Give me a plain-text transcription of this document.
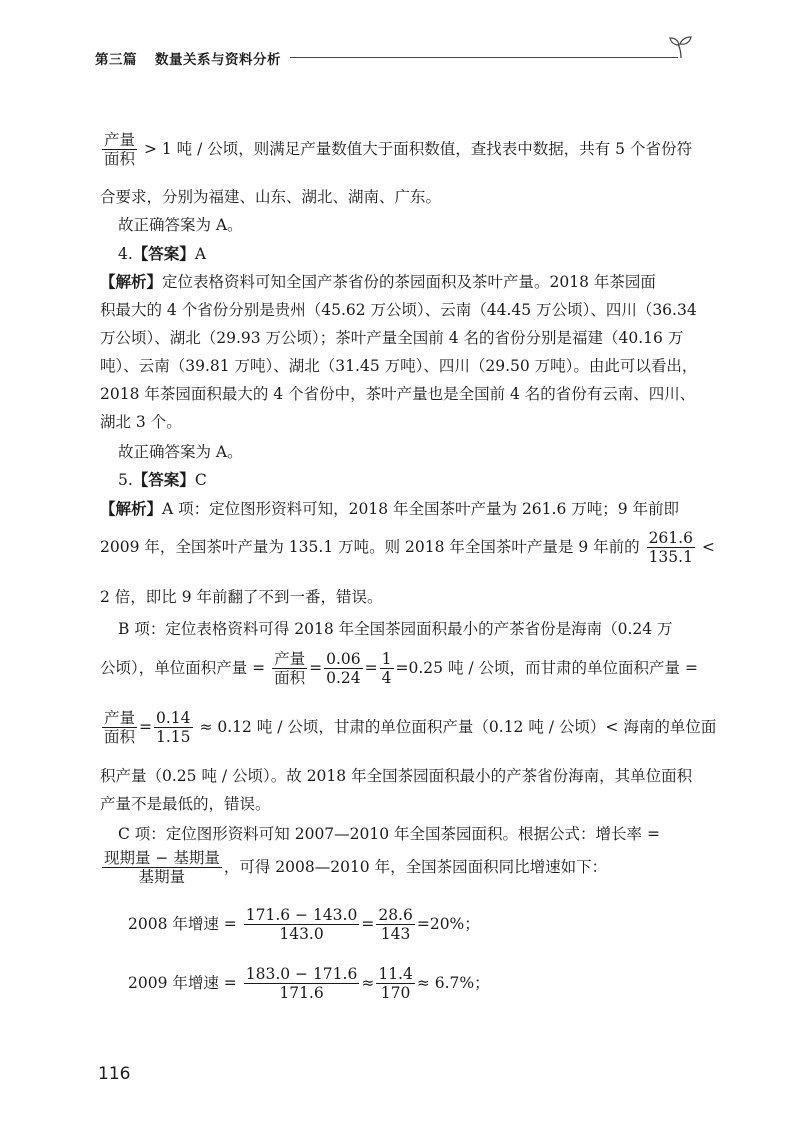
第三篇 数量关系与资料分析
$\frac{\text{产量}}{\text{面积}} > 1$ 吨 / 公顷，则满足产量数值大于面积数值，查找表中数据，共有 5 个省份符
合要求，分别为福建、山东、湖北、湖南、广东。
故正确答案为 A。
4.【答案】A
【解析】定位表格资料可知全国产茶省份的茶园面积及茶叶产量。2018 年茶园面
积最大的 4 个省份分别是贵州（45.62 万公顷）、云南（44.45 万公顷）、四川（36.34
万公顷）、湖北（29.93 万公顷）；茶叶产量全国前 4 名的省份分别是福建（40.16 万
吨）、云南（39.81 万吨）、湖北（31.45 万吨）、四川（29.50 万吨）。由此可以看出，
2018 年茶园面积最大的 4 个省份中，茶叶产量也是全国前 4 名的省份有云南、四川、
湖北 3 个。
故正确答案为 A。
5.【答案】C
【解析】A 项：定位图形资料可知，2018 年全国茶叶产量为 261.6 万吨；9 年前即
2009 年，全国茶叶产量为 135.1 万吨。则 2018 年全国茶叶产量是 9 年前的 $\frac{261.6}{135.1}$ <
2 倍，即比 9 年前翻了不到一番，错误。
B 项：定位表格资料可得 2018 年全国茶园面积最小的产茶省份是海南（0.24 万
公顷），单位面积产量 = $\frac{\text{产量}}{\text{面积}} = \frac{0.06}{0.24} = \frac{1}{4} =0.25$ 吨 / 公顷，而甘肃的单位面积产量 =
$\frac{\text{产量}}{\text{面积}} = \frac{0.14}{1.15} \approx 0.12$ 吨 / 公顷，甘肃的单位面积产量（0.12 吨 / 公顷）< 海南的单位面
积产量（0.25 吨 / 公顷）。故 2018 年全国茶园面积最小的产茶省份海南，其单位面积
产量不是最低的，错误。
C 项：定位图形资料可知 2007—2010 年全国茶园面积。根据公式：增长率 =
$\frac{\text{现期量 − 基期量}}{\text{基期量}}$ ，可得 2008—2010 年，全国茶园面积同比增速如下：
2008 年增速 = $\frac{171.6 - 143.0}{143.0} = \frac{28.6}{143} =20\%$；
2009 年增速 = $\frac{183.0 - 171.6}{171.6} \approx \frac{11.4}{170} \approx 6.7\%$；
116
